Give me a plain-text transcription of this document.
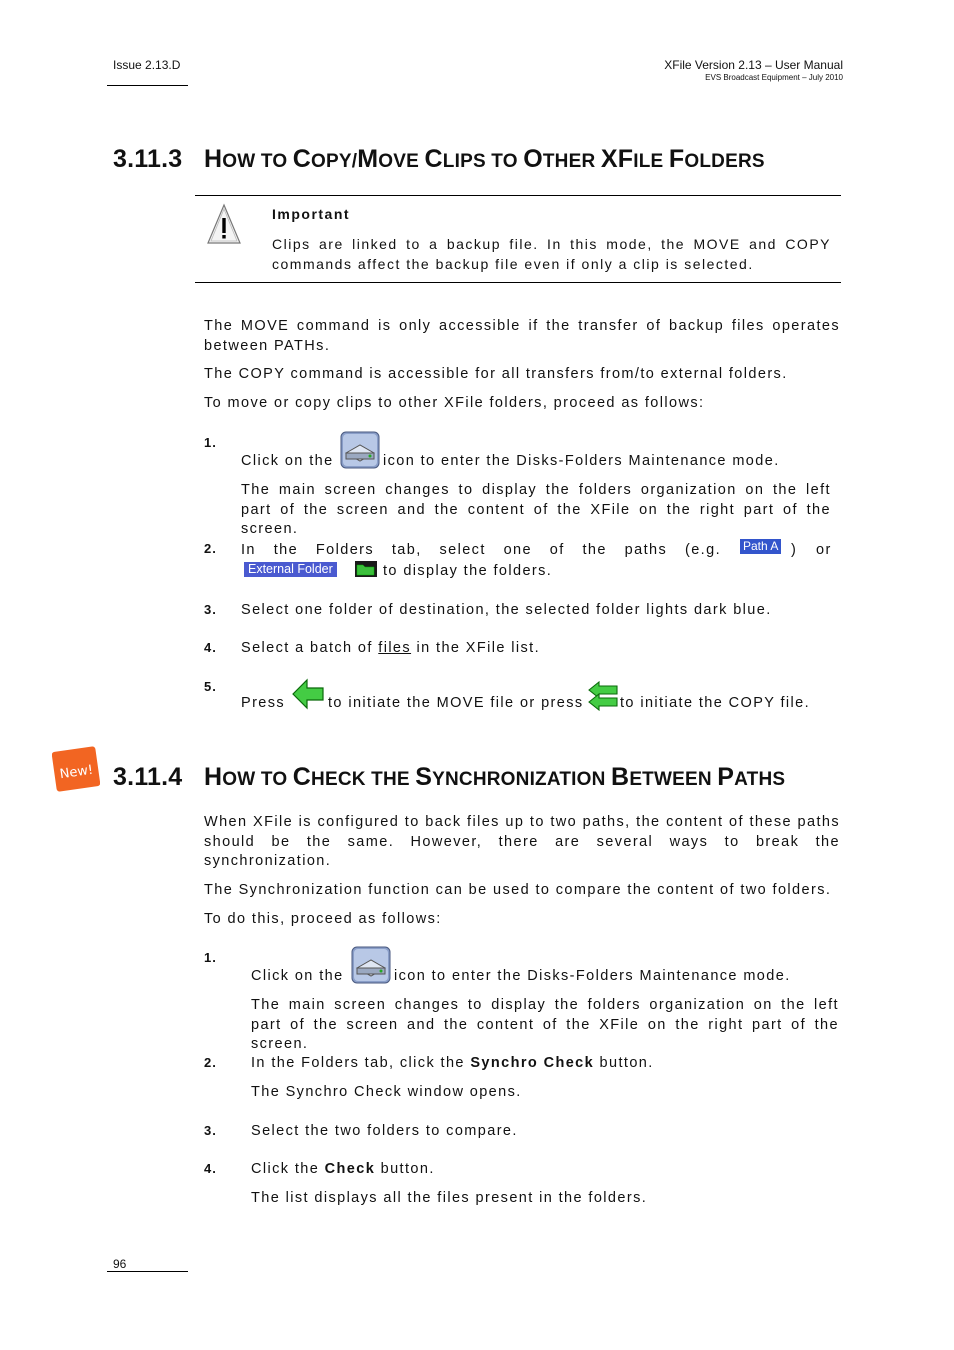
Issue 2.13.D	XFile Version 2.13 – User Manual
EVS Broadcast Equipment – July 2010
3.11.3 HOW TO COPY/MOVE CLIPS TO OTHER XFILE FOLDERS
Important
Clips are linked to a backup file. In this mode, the MOVE and COPY commands affect the backup file even if only a clip is selected.
The MOVE command is only accessible if the transfer of backup files operates between PATHs.
The COPY command is accessible for all transfers from/to external folders.
To move or copy clips to other XFile folders, proceed as follows:
1.
Click on the	icon to enter the Disks-Folders Maintenance mode.
The main screen changes to display the folders organization on the left part of the screen and the content of the XFile on the right part of the screen.
2. In the Folders tab, select one of the paths (e.g. Path A ) or
External Folder	to display the folders.
3. Select one folder of destination, the selected folder lights dark blue.
4. Select a batch of files in the XFile list.
5.
Press	to initiate the MOVE file or press	to initiate the COPY file.
New! 3.11.4 HOW TO CHECK THE SYNCHRONIZATION BETWEEN PATHS
When XFile is configured to back files up to two paths, the content of these paths should be the same. However, there are several ways to break the synchronization.
The Synchronization function can be used to compare the content of two folders.
To do this, proceed as follows:
1.
Click on the	icon to enter the Disks-Folders Maintenance mode.
The main screen changes to display the folders organization on the left part of the screen and the content of the XFile on the right part of the screen.
2. In the Folders tab, click the Synchro Check button.
The Synchro Check window opens.
3. Select the two folders to compare.
4. Click the Check button.
The list displays all the files present in the folders.
96
